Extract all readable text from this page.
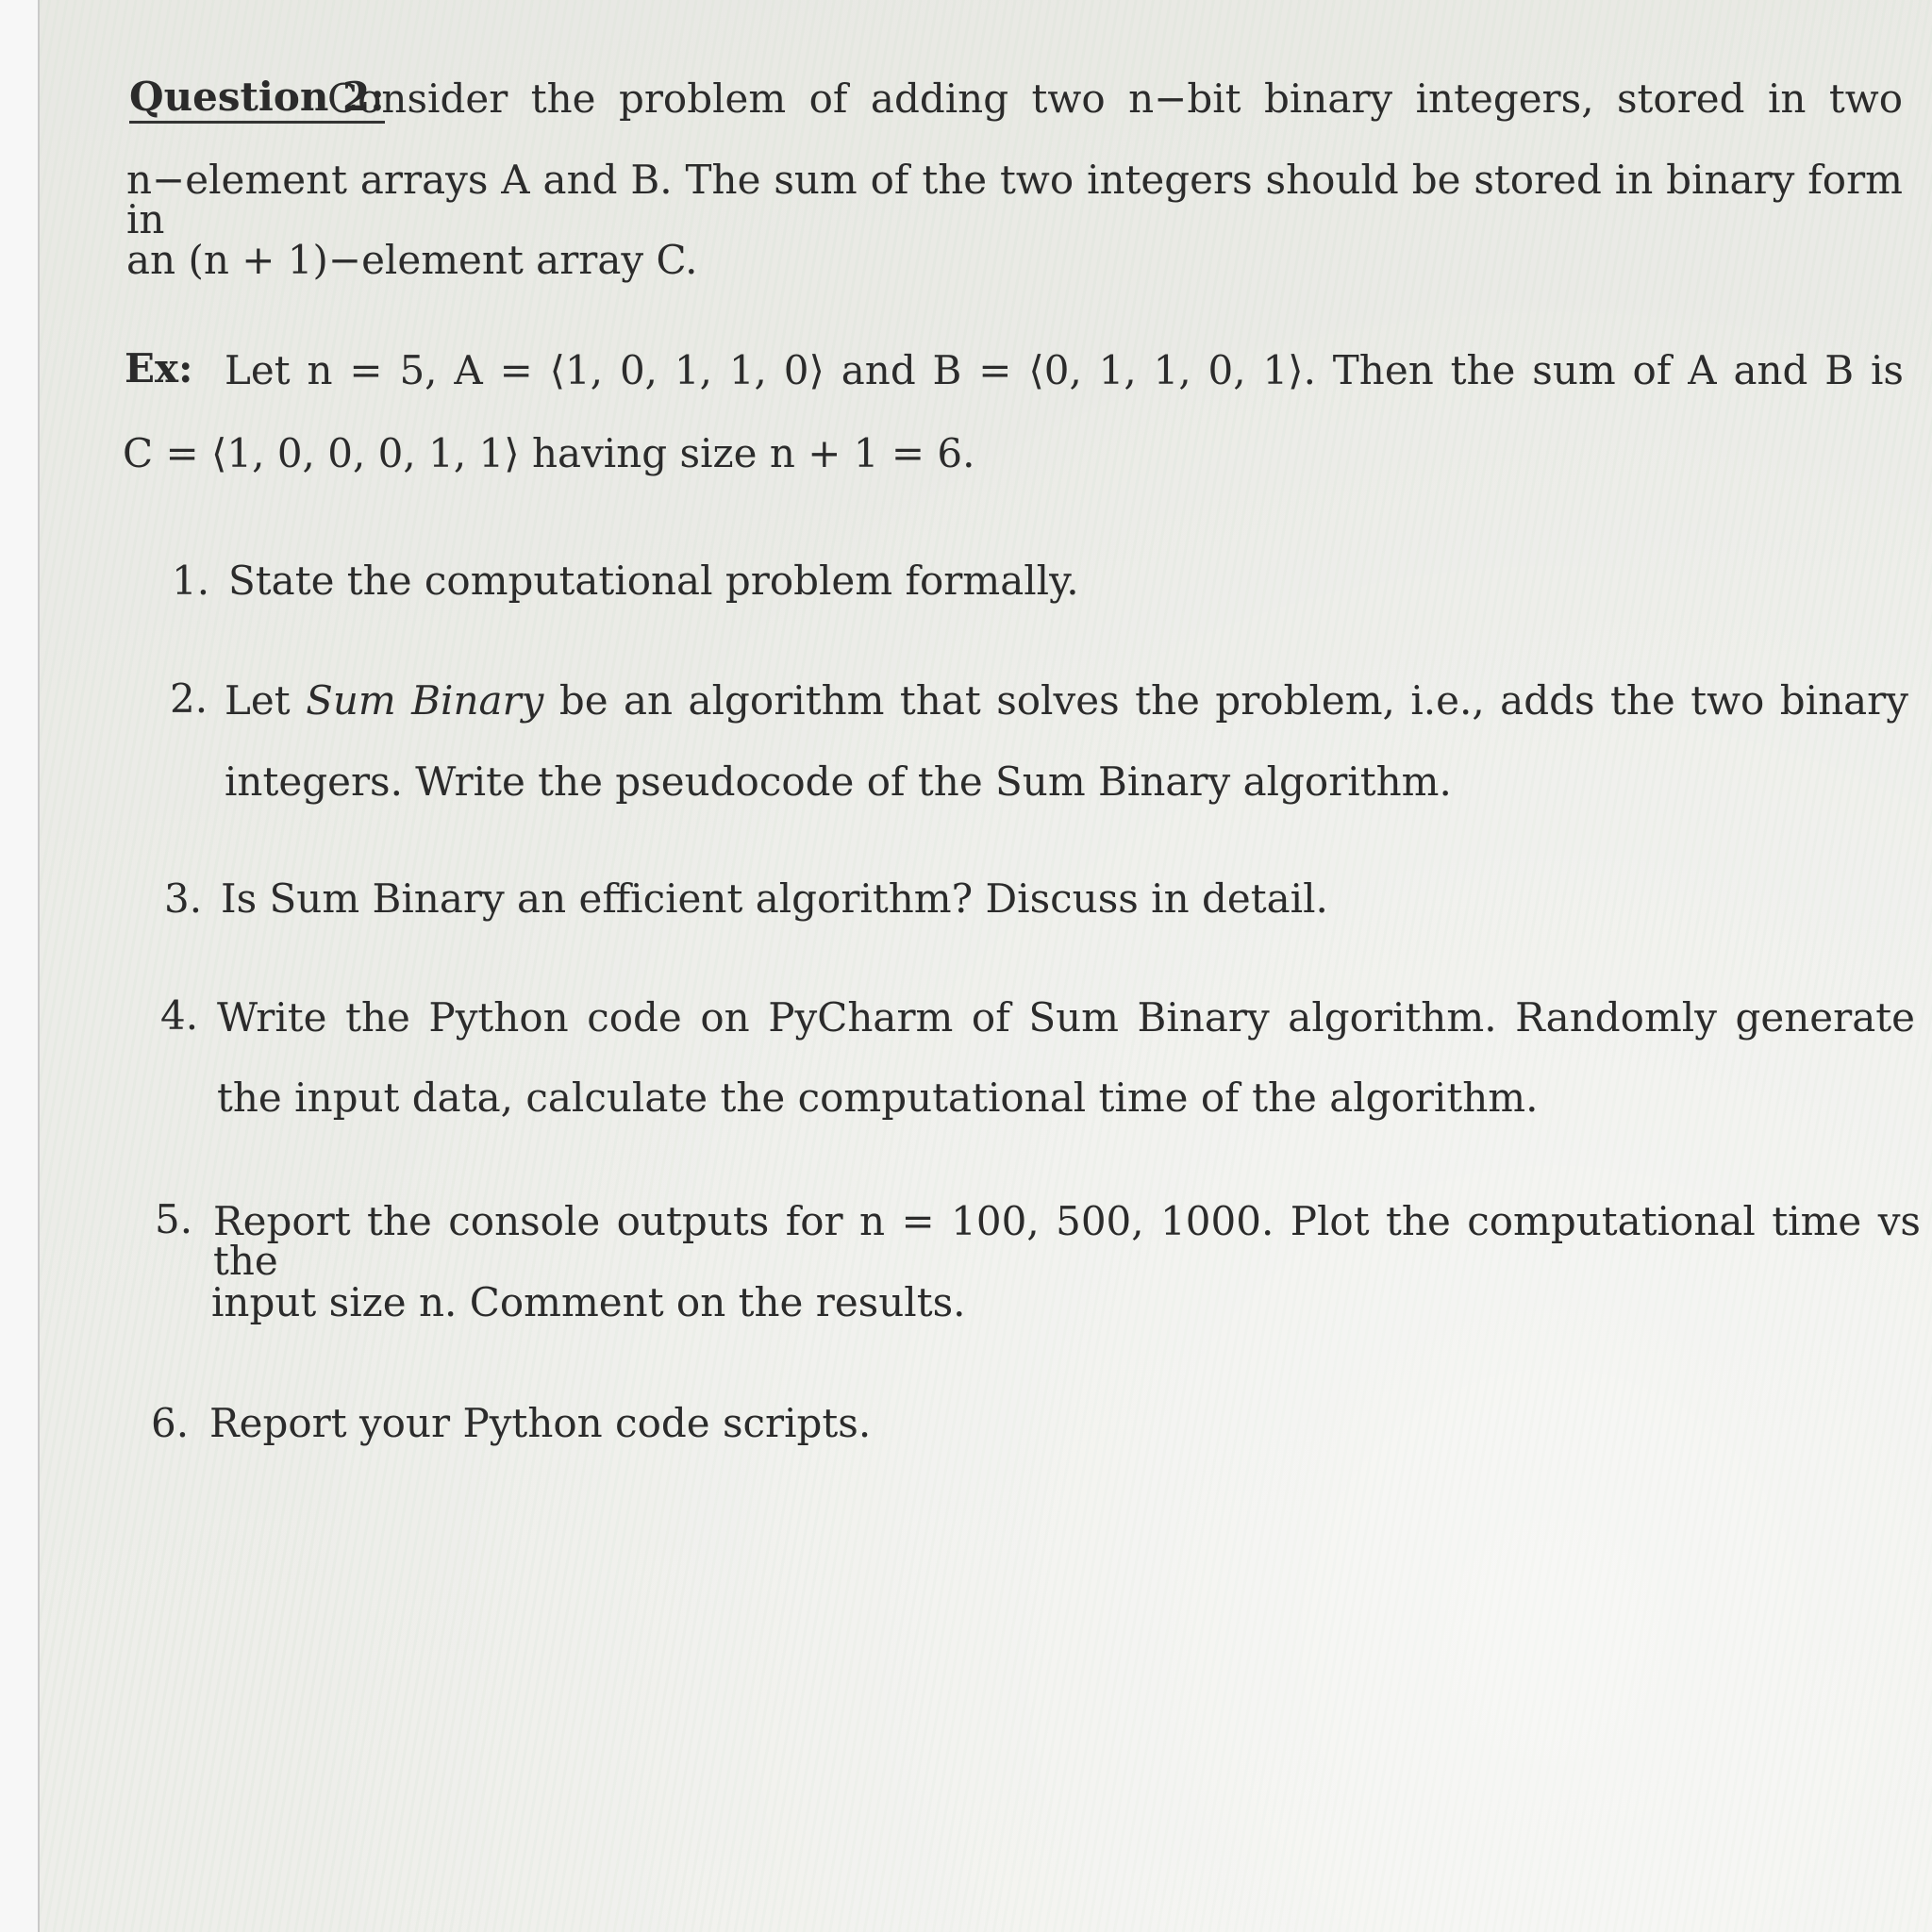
Question 2:
Consider the problem of adding two n−bit binary integers, stored in two
n−element arrays A and B. The sum of the two integers should be stored in binary form in
an (n + 1)−element array C.
Ex: Let n = 5, A = ⟨1, 0, 1, 1, 0⟩ and B = ⟨0, 1, 1, 0, 1⟩. Then the sum of A and B is
C = ⟨1, 0, 0, 0, 1, 1⟩ having size n + 1 = 6.
1. State the computational problem formally.
2. Let Sum Binary be an algorithm that solves the problem, i.e., adds the two binary
integers. Write the pseudocode of the Sum Binary algorithm.
3. Is Sum Binary an efficient algorithm? Discuss in detail.
4. Write the Python code on PyCharm of Sum Binary algorithm. Randomly generate
the input data, calculate the computational time of the algorithm.
5. Report the console outputs for n = 100, 500, 1000. Plot the computational time vs the
input size n. Comment on the results.
6. Report your Python code scripts.
